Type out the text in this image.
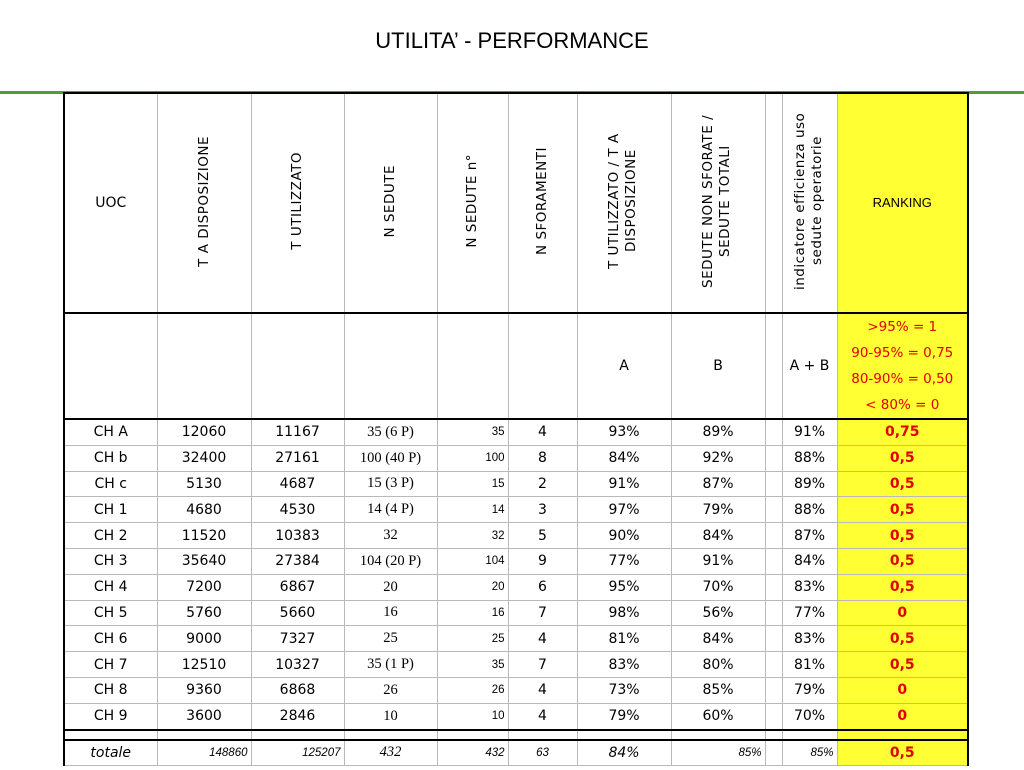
UTILITA’ - PERFORMANCE
UOC	T A DISPOSIZIONE	T UTILIZZATO	N SEDUTE	N SEDUTE n°	N SFORAMENTI	T UTILIZZATO / T A DISPOSIZIONE	SEDUTE NON SFORATE / SEDUTE TOTALI		indicatore efficienza uso sedute operatorie	RANKING
						A	B		A + B	>95% = 1
90-95% = 0,75
80-90% = 0,50
< 80% = 0

CH A	12060	11167	35 (6 P)	35	4	93%	89%		91%	0,75
CH b	32400	27161	100 (40 P)	100	8	84%	92%		88%	0,5
CH c	5130	4687	15 (3 P)	15	2	91%	87%		89%	0,5
CH 1	4680	4530	14 (4 P)	14	3	97%	79%		88%	0,5
CH 2	11520	10383	32	32	5	90%	84%		87%	0,5
CH 3	35640	27384	104 (20 P)	104	9	77%	91%		84%	0,5
CH 4	7200	6867	20	20	6	95%	70%		83%	0,5
CH 5	5760	5660	16	16	7	98%	56%		77%	0
CH 6	9000	7327	25	25	4	81%	84%		83%	0,5
CH 7	12510	10327	35 (1 P)	35	7	83%	80%		81%	0,5
CH 8	9360	6868	26	26	4	73%	85%		79%	0
CH 9	3600	2846	10	10	4	79%	60%		70%	0

totale	148860	125207	432	432	63	84%	85%		85%	0,5
